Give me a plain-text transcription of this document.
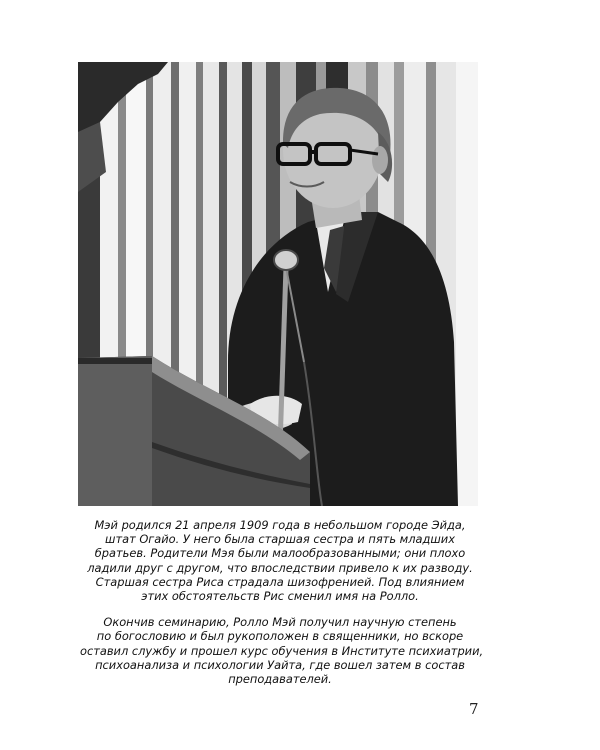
Мэй родился 21 апреля 1909 года в небольшом городе Эйда,
штат Огайо. У него была старшая сестра и пять младших
братьев. Родители Мэя были малообразованными; они плохо
ладили друг с другом, что впоследствии привело к их разводу.
Старшая сестра Риса страдала шизофренией. Под влиянием
этих обстоятельств Рис сменил имя на Ролло.
Окончив семинарию, Ролло Мэй получил научную степень
по богословию и был рукоположен в священники, но вскоре
оставил службу и прошел курс обучения в Институте психиатрии,
психоанализа и психологии Уайта, где вошел затем в состав
преподавателей.
7
